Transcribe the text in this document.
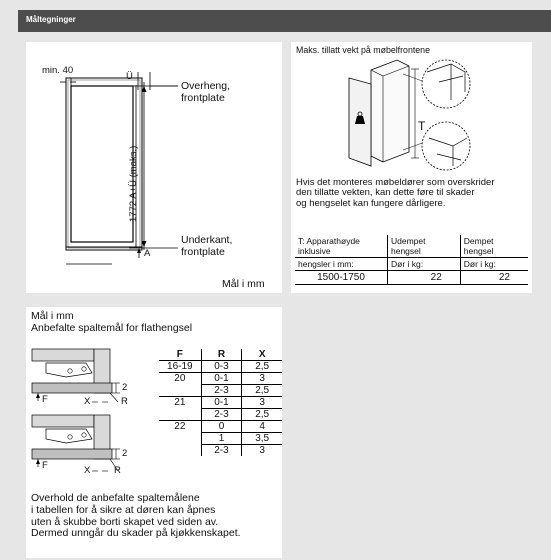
Måltegninger
min. 40
Ü
Overheng,
frontplate
1772 A+Ü (maks.)
Underkant,
frontplate
A
Mål i mm
Maks. tillatt vekt på møbelfrontene
T
Hvis det monteres møbeldører som overskrider
den tillatte vekten, kan dette føre til skader
og hengselet kan fungere dårligere.
T: Apparathøyde
inklusive	Udempet
hengsel	Dempet
hengsel
hengsler i mm:	Dør i kg:	Dør i kg:
1500-1750	22	22
Mål i mm
Anbefalte spaltemål for flathengsel
2
F	X	R
2
F	X R
F	R	X
16-19	0-3	2,5
20	0-1	3
	2-3	2,5
21	0-1	3
	2-3	2,5
22	0	4
	1	3,5
	2-3	3
Overhold de anbefalte spaltemålene
i tabellen for å sikre at døren kan åpnes
uten å skubbe borti skapet ved siden av.
Dermed unngår du skader på kjøkkenskapet.
